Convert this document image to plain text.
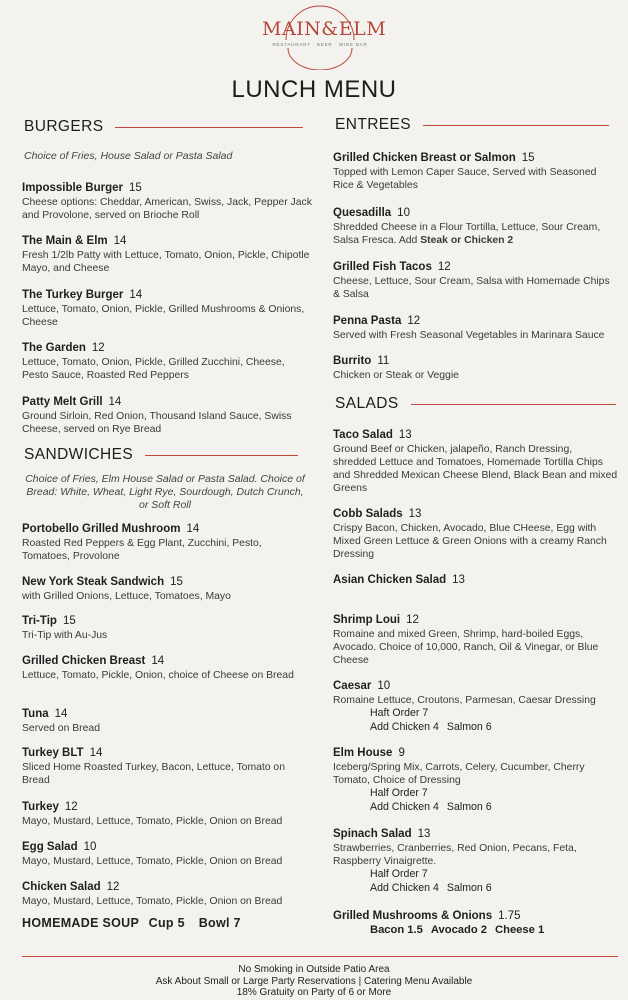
MAIN&ELM
RESTAURANT · BEER · WINE BAR
LUNCH MENU
BURGERS
Choice of Fries, House Salad or Pasta Salad
Impossible Burger 15
Cheese options: Cheddar, American, Swiss, Jack, Pepper Jack and Provolone, served on Brioche Roll
The Main & Elm 14
Fresh 1/2lb Patty with Lettuce, Tomato, Onion, Pickle, Chipotle Mayo, and Cheese
The Turkey Burger 14
Lettuce, Tomato, Onion, Pickle, Grilled Mushrooms & Onions, Cheese
The Garden 12
Lettuce, Tomato, Onion, Pickle, Grilled Zucchini, Cheese, Pesto Sauce, Roasted Red Peppers
Patty Melt Grill 14
Ground Sirloin, Red Onion, Thousand Island Sauce, Swiss Cheese, served on Rye Bread
SANDWICHES
Choice of Fries, Elm House Salad or Pasta Salad. Choice of Bread: White, Wheat, Light Rye, Sourdough, Dutch Crunch, or Soft Roll
Portobello Grilled Mushroom 14
Roasted Red Peppers & Egg Plant, Zucchini, Pesto, Tomatoes, Provolone
New York Steak Sandwich 15
with Grilled Onions, Lettuce, Tomatoes, Mayo
Tri-Tip 15
Tri-Tip with Au-Jus
Grilled Chicken Breast 14
Lettuce, Tomato, Pickle, Onion, choice of Cheese on Bread
Tuna 14
Served on Bread
Turkey BLT 14
Sliced Home Roasted Turkey, Bacon, Lettuce, Tomato on Bread
Turkey 12
Mayo, Mustard, Lettuce, Tomato, Pickle, Onion on Bread
Egg Salad 10
Mayo, Mustard, Lettuce, Tomato, Pickle, Onion on Bread
Chicken Salad 12
Mayo, Mustard, Lettuce, Tomato, Pickle, Onion on Bread
HOMEMADE SOUP Cup 5 Bowl 7
ENTREES
Grilled Chicken Breast or Salmon 15
Topped with Lemon Caper Sauce, Served with Seasoned Rice & Vegetables
Quesadilla 10
Shredded Cheese in a Flour Tortilla, Lettuce, Sour Cream, Salsa Fresca. Add Steak or Chicken 2
Grilled Fish Tacos 12
Cheese, Lettuce, Sour Cream, Salsa with Homemade Chips & Salsa
Penna Pasta 12
Served with Fresh Seasonal Vegetables in Marinara Sauce
Burrito 11
Chicken or Steak or Veggie
SALADS
Taco Salad 13
Ground Beef or Chicken, jalapeño, Ranch Dressing, shredded Lettuce and Tomatoes, Homemade Tortilla Chips and Shredded Mexican Cheese Blend, Black Bean and mixed Greens
Cobb Salads 13
Crispy Bacon, Chicken, Avocado, Blue CHeese, Egg with Mixed Green Lettuce & Green Onions with a creamy Ranch Dressing
Asian Chicken Salad 13
Shrimp Loui 12
Romaine and mixed Green, Shrimp, hard-boiled Eggs, Avocado. Choice of 10,000, Ranch, Oil & Vinegar, or Blue Cheese
Caesar 10
Romaine Lettuce, Croutons, Parmesan, Caesar Dressing
Haft Order 7
Add Chicken 4 Salmon 6
Elm House 9
Iceberg/Spring Mix, Carrots, Celery, Cucumber, Cherry Tomato, Choice of Dressing
Half Order 7
Add Chicken 4 Salmon 6
Spinach Salad 13
Strawberries, Cranberries, Red Onion, Pecans, Feta, Raspberry Vinaigrette.
Half Order 7
Add Chicken 4 Salmon 6
Grilled Mushrooms & Onions 1.75
Bacon 1.5 Avocado 2 Cheese 1
No Smoking in Outside Patio Area
Ask About Small or Large Party Reservations | Catering Menu Available
18% Gratuity on Party of 6 or More
